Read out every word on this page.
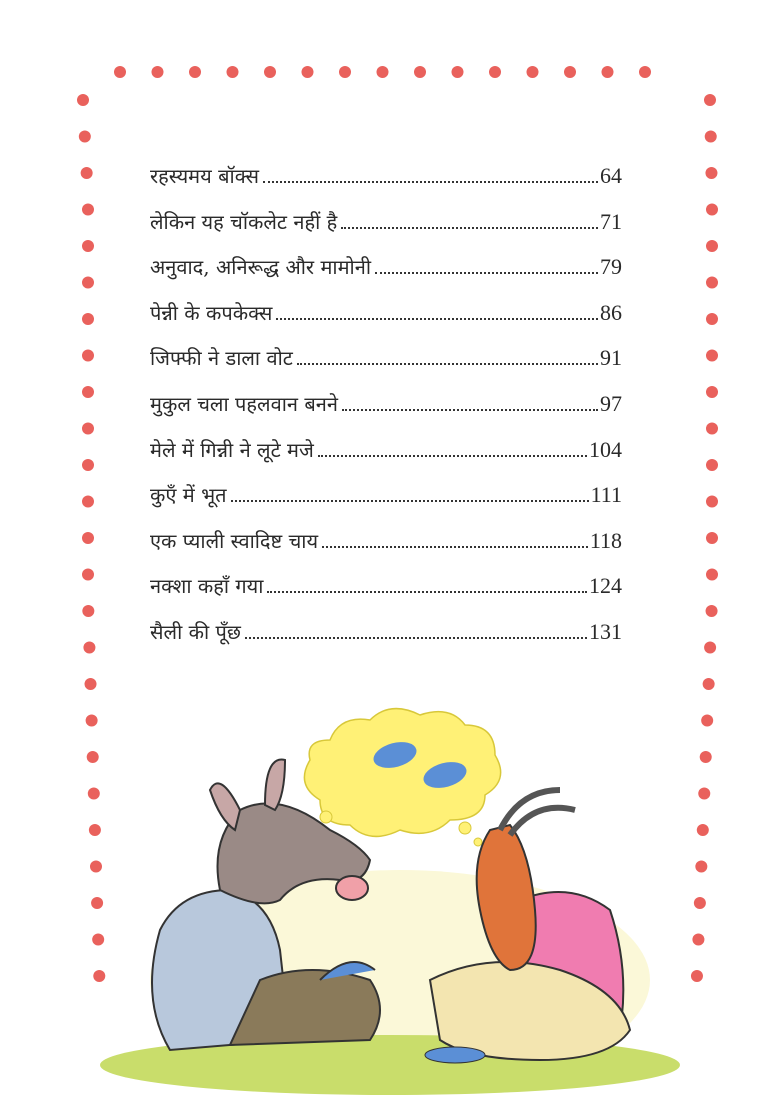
रहस्यमय बॉक्स	64
लेकिन यह चॉकलेट नहीं है	71
अनुवाद, अनिरूद्ध और मामोनी	79
पेन्नी के कपकेक्स	86
जिफ्फी ने डाला वोट	91
मुकुल चला पहलवान बनने	97
मेले में गिन्नी ने लूटे मजे	104
कुएँ में भूत	111
एक प्याली स्वादिष्ट चाय	118
नक्शा कहाँ गया	124
सैली की पूँछ	131
